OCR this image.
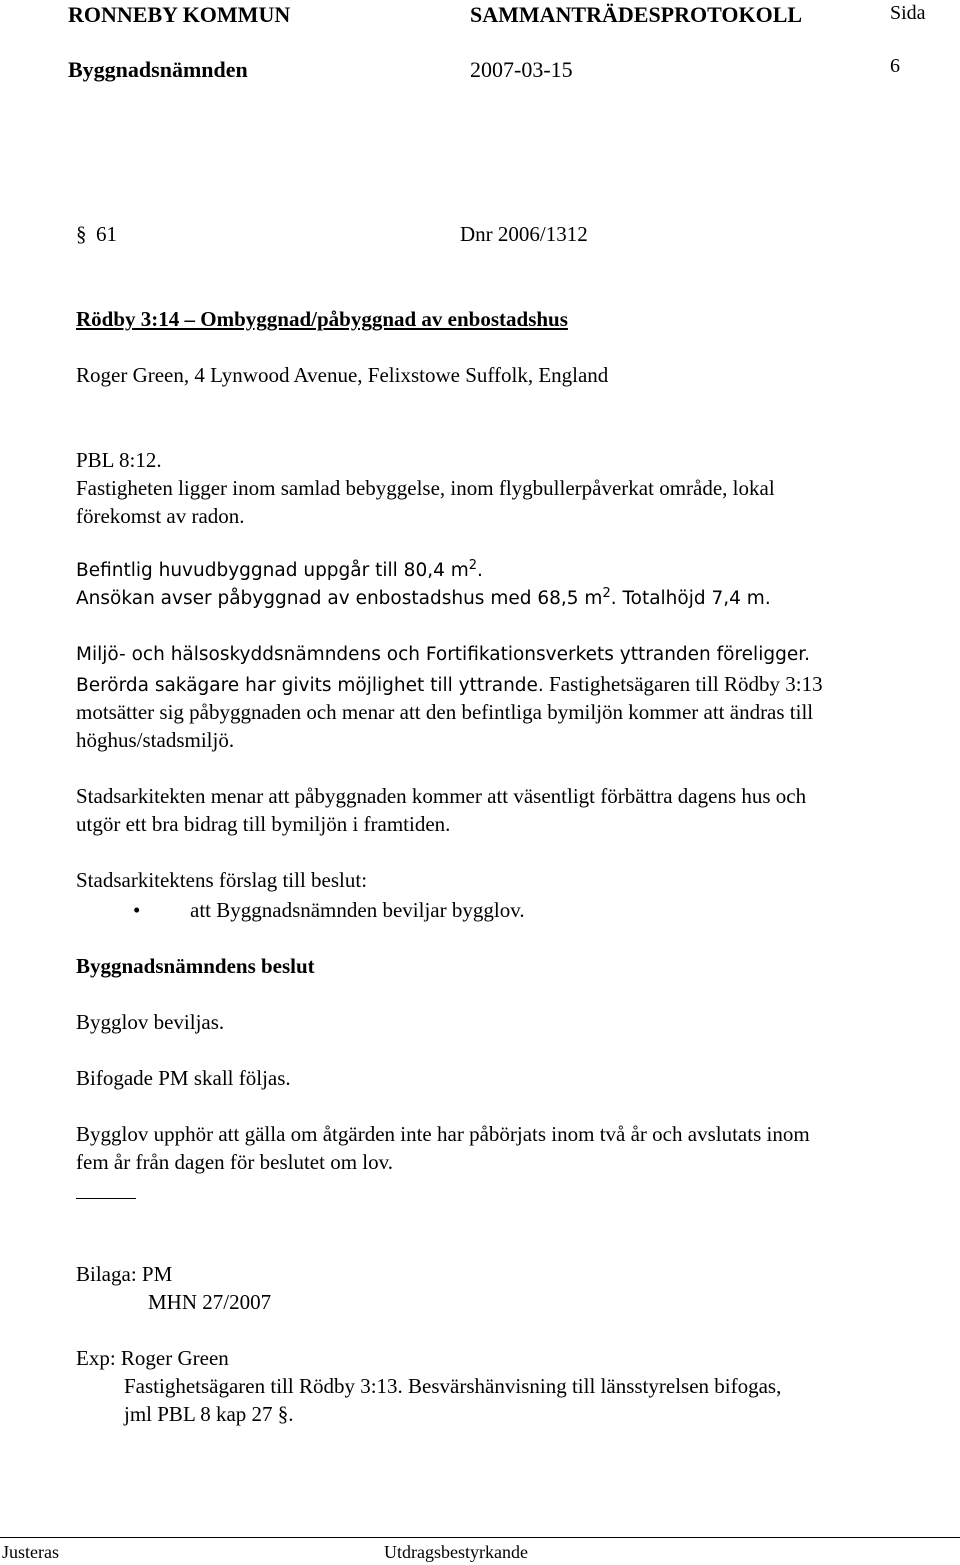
RONNEBY KOMMUN	SAMMANTRÄDESPROTOKOLL	Sida
Byggnadsnämnden	2007-03-15	6
§ 61	Dnr 2006/1312
Rödby 3:14 – Ombyggnad/påbyggnad av enbostadshus
Roger Green, 4 Lynwood Avenue, Felixstowe Suffolk, England
PBL 8:12.
Fastigheten ligger inom samlad bebyggelse, inom flygbullerpåverkat område, lokal
förekomst av radon.
Befintlig huvudbyggnad uppgår till 80,4 $m^2$.
Ansökan avser påbyggnad av enbostadshus med 68,5 $m^2$. Totalhöjd 7,4 m.
Miljö- och hälsoskyddsnämndens och Fortifikationsverkets yttranden föreligger.
Berörda sakägare har givits möjlighet till yttrande. Fastighetsägaren till Rödby 3:13
motsätter sig påbyggnaden och menar att den befintliga bymiljön kommer att ändras till
höghus/stadsmiljö.
Stadsarkitekten menar att påbyggnaden kommer att väsentligt förbättra dagens hus och
utgör ett bra bidrag till bymiljön i framtiden.
Stadsarkitektens förslag till beslut:
• att Byggnadsnämnden beviljar bygglov.
Byggnadsnämndens beslut
Bygglov beviljas.
Bifogade PM skall följas.
Bygglov upphör att gälla om åtgärden inte har påbörjats inom två år och avslutats inom
fem år från dagen för beslutet om lov.
Bilaga: PM
MHN 27/2007
Exp: Roger Green
Fastighetsägaren till Rödby 3:13. Besvärshänvisning till länsstyrelsen bifogas,
jml PBL 8 kap 27 §.
Justeras	Utdragsbestyrkande
